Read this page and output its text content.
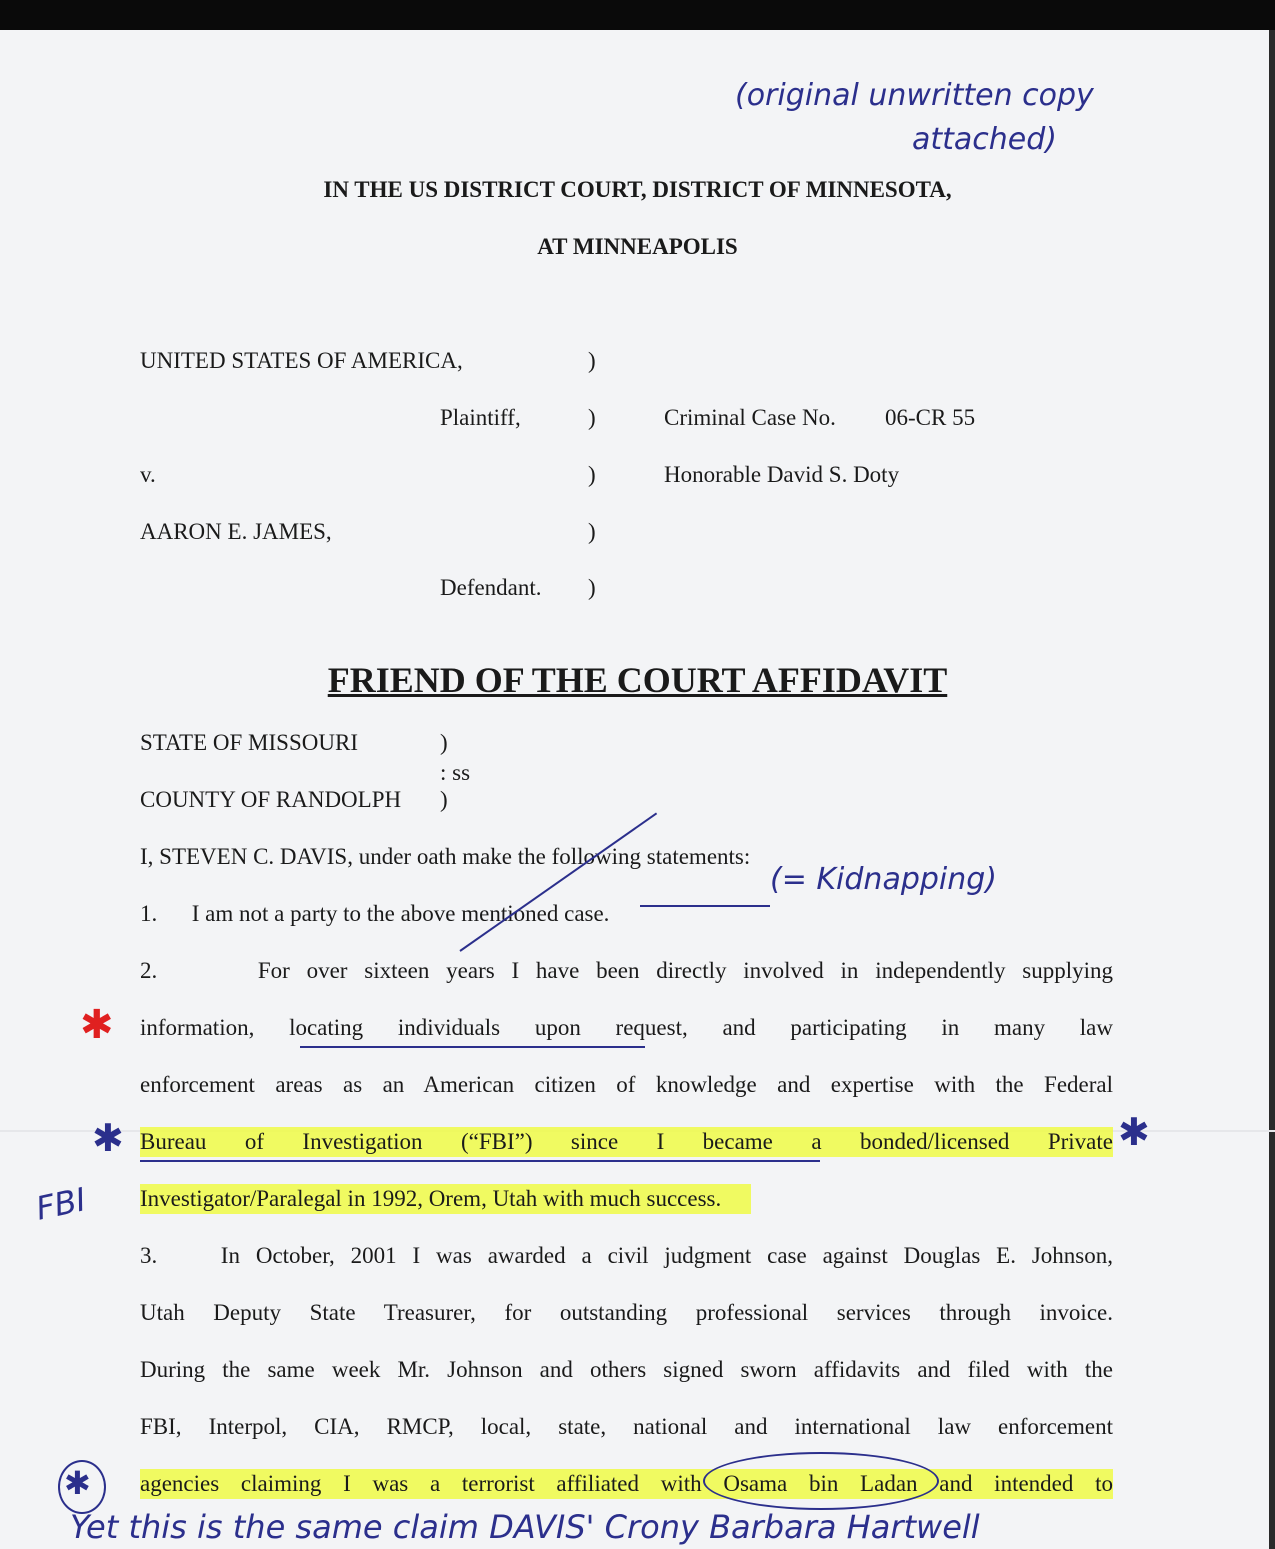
(original unwritten copy
attached)
IN THE US DISTRICT COURT, DISTRICT OF MINNESOTA,
AT MINNEAPOLIS
UNITED STATES OF AMERICA,	)
Plaintiff,	)	Criminal Case No. 06-CR 55
v.	)	Honorable David S. Doty
AARON E. JAMES,	)
Defendant. )
FRIEND OF THE COURT AFFIDAVIT
STATE OF MISSOURI	)
: ss
COUNTY OF RANDOLPH )
I, STEVEN C. DAVIS, under oath make the following statements:
1.      I am not a party to the above mentioned case.
(= Kidnapping)
2.      For over sixteen years I have been directly involved in independently supplying
✱ information, locating individuals upon request, and participating in many law
enforcement areas as an American citizen of knowledge and expertise with the Federal
✱ Bureau of Investigation (“FBI”) since I became a bonded/licensed Private ✱
FBI Investigator/Paralegal in 1992, Orem, Utah with much success.
3.    In October, 2001 I was awarded a civil judgment case against Douglas E. Johnson,
Utah Deputy State Treasurer, for outstanding professional services through invoice.
During the same week Mr. Johnson and others signed sworn affidavits and filed with the
FBI, Interpol, CIA, RMCP, local, state, national and international law enforcement
agencies claiming I was a terrorist affiliated with Osama bin Ladan and intended to
✱
Yet this is the same claim DAVIS' Crony Barbara Hartwell
